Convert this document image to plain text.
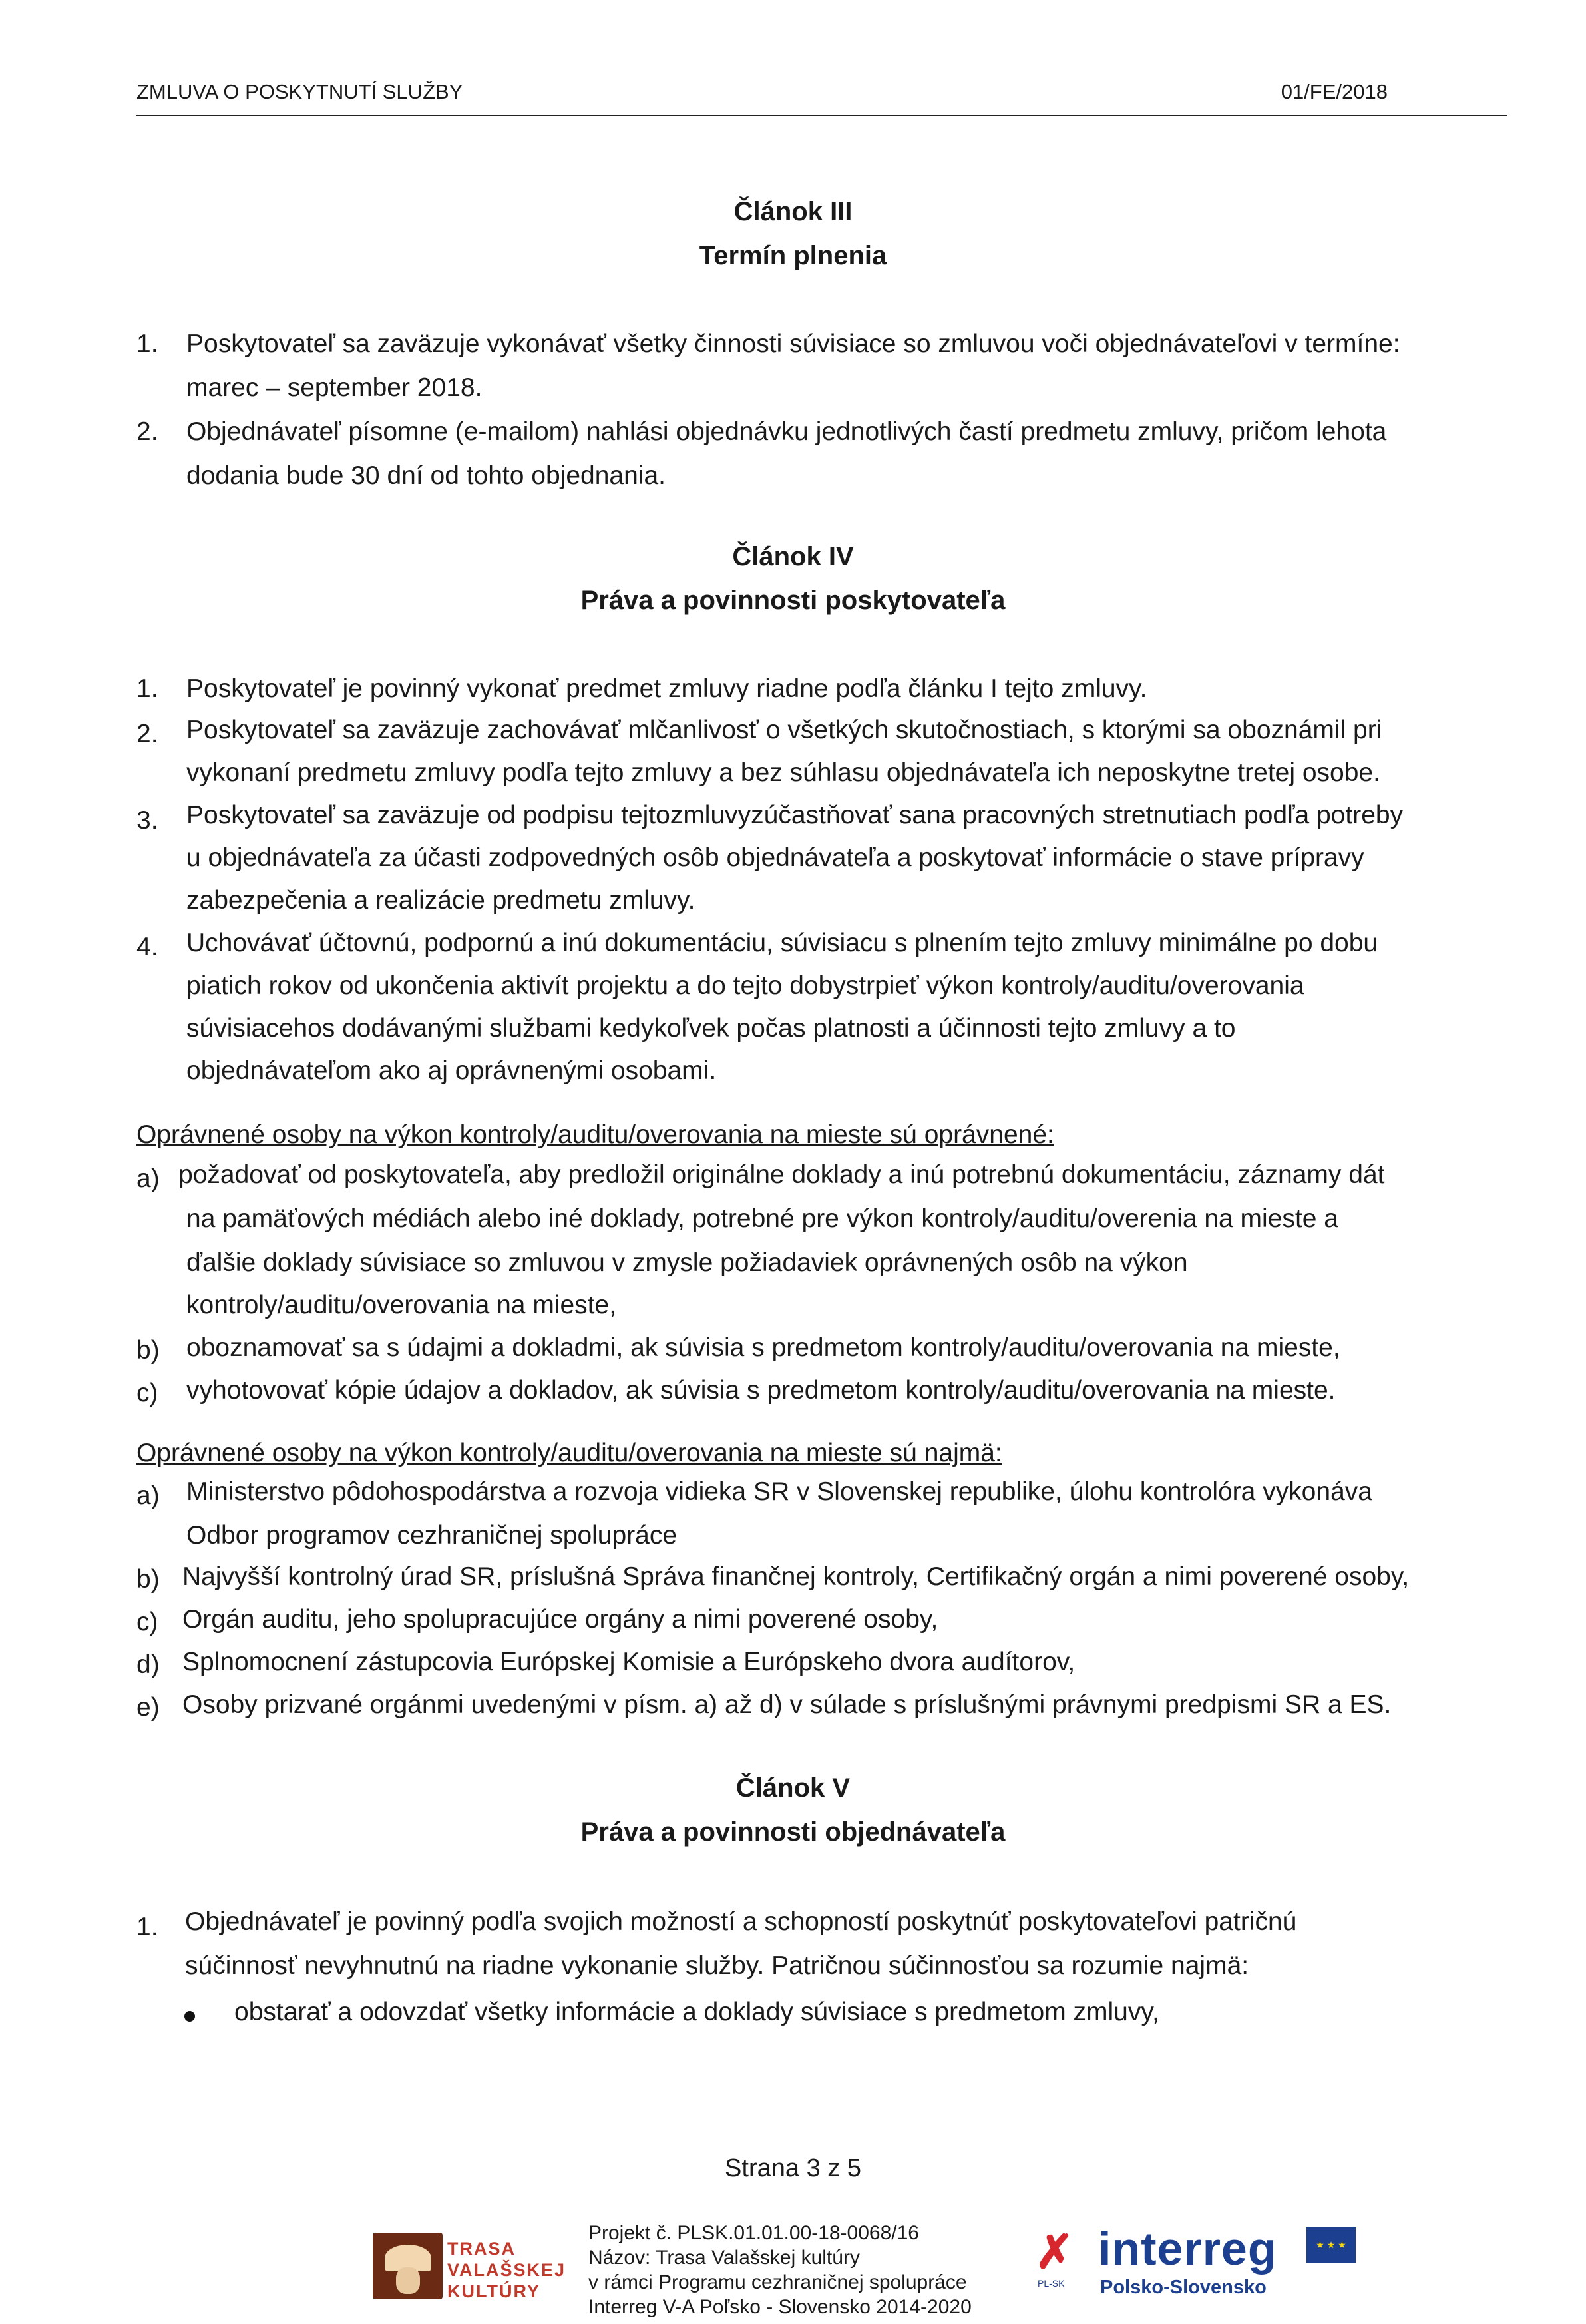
ZMLUVA O POSKYTNUTÍ SLUŽBY	01/FE/2018
Článok III
Termín plnenia
1. Poskytovateľ sa zaväzuje vykonávať všetky činnosti súvisiace so zmluvou voči objednávateľovi v termíne:
marec – september 2018.
2. Objednávateľ písomne (e-mailom) nahlási objednávku jednotlivých častí predmetu zmluvy, pričom lehota
dodania bude 30 dní od tohto objednania.
Článok IV
Práva a povinnosti poskytovateľa
1. Poskytovateľ je povinný vykonať predmet zmluvy riadne podľa článku I tejto zmluvy.
2. Poskytovateľ sa zaväzuje zachovávať mlčanlivosť o všetkých skutočnostiach, s ktorými sa oboznámil pri
vykonaní predmetu zmluvy podľa tejto zmluvy a bez súhlasu objednávateľa ich neposkytne tretej osobe.
3. Poskytovateľ sa zaväzuje od podpisu tejtozmluvyzúčastňovať sana pracovných stretnutiach podľa potreby
u objednávateľa za účasti zodpovedných osôb objednávateľa a poskytovať informácie o stave prípravy
zabezpečenia a realizácie predmetu zmluvy.
4. Uchovávať účtovnú, podpornú a inú dokumentáciu, súvisiacu s plnením tejto zmluvy minimálne po dobu
piatich rokov od ukončenia aktivít projektu a do tejto dobystrpieť výkon kontroly/auditu/overovania
súvisiacehos dodávanými službami kedykoľvek počas platnosti a účinnosti tejto zmluvy a to
objednávateľom ako aj oprávnenými osobami.
Oprávnené osoby na výkon kontroly/auditu/overovania na mieste sú oprávnené:
a) požadovať od poskytovateľa, aby predložil originálne doklady a inú potrebnú dokumentáciu, záznamy dát
na pamäťových médiách alebo iné doklady, potrebné pre výkon kontroly/auditu/overenia na mieste a
ďalšie doklady súvisiace so zmluvou v zmysle požiadaviek oprávnených osôb na výkon
kontroly/auditu/overovania na mieste,
b) oboznamovať sa s údajmi a dokladmi, ak súvisia s predmetom kontroly/auditu/overovania na mieste,
c) vyhotovovať kópie údajov a dokladov, ak súvisia s predmetom kontroly/auditu/overovania na mieste.
Oprávnené osoby na výkon kontroly/auditu/overovania na mieste sú najmä:
a) Ministerstvo pôdohospodárstva a rozvoja vidieka SR v Slovenskej republike, úlohu kontrolóra vykonáva
Odbor programov cezhraničnej spolupráce
b) Najvyšší kontrolný úrad SR, príslušná Správa finančnej kontroly, Certifikačný orgán a nimi poverené osoby,
c) Orgán auditu, jeho spolupracujúce orgány a nimi poverené osoby,
d) Splnomocnení zástupcovia Európskej Komisie a Európskeho dvora audítorov,
e) Osoby prizvané orgánmi uvedenými v písm. a) až d) v súlade s príslušnými právnymi predpismi SR a ES.
Článok V
Práva a povinnosti objednávateľa
1. Objednávateľ je povinný podľa svojich možností a schopností poskytnúť poskytovateľovi patričnú
súčinnosť nevyhnutnú na riadne vykonanie služby. Patričnou súčinnosťou sa rozumie najmä:
obstarať a odovzdať všetky informácie a doklady súvisiace s predmetom zmluvy,
Strana 3 z 5
TRASA
VALAŠSKEJ
KULTÚRY
Projekt č. PLSK.01.01.00-18-0068/16
Názov: Trasa Valašskej kultúry
v rámci Programu cezhraničnej spolupráce
Interreg V-A Poľsko - Slovensko 2014-2020
✗
PL-SK
interreg
Polsko-Slovensko
★ ★ ★
